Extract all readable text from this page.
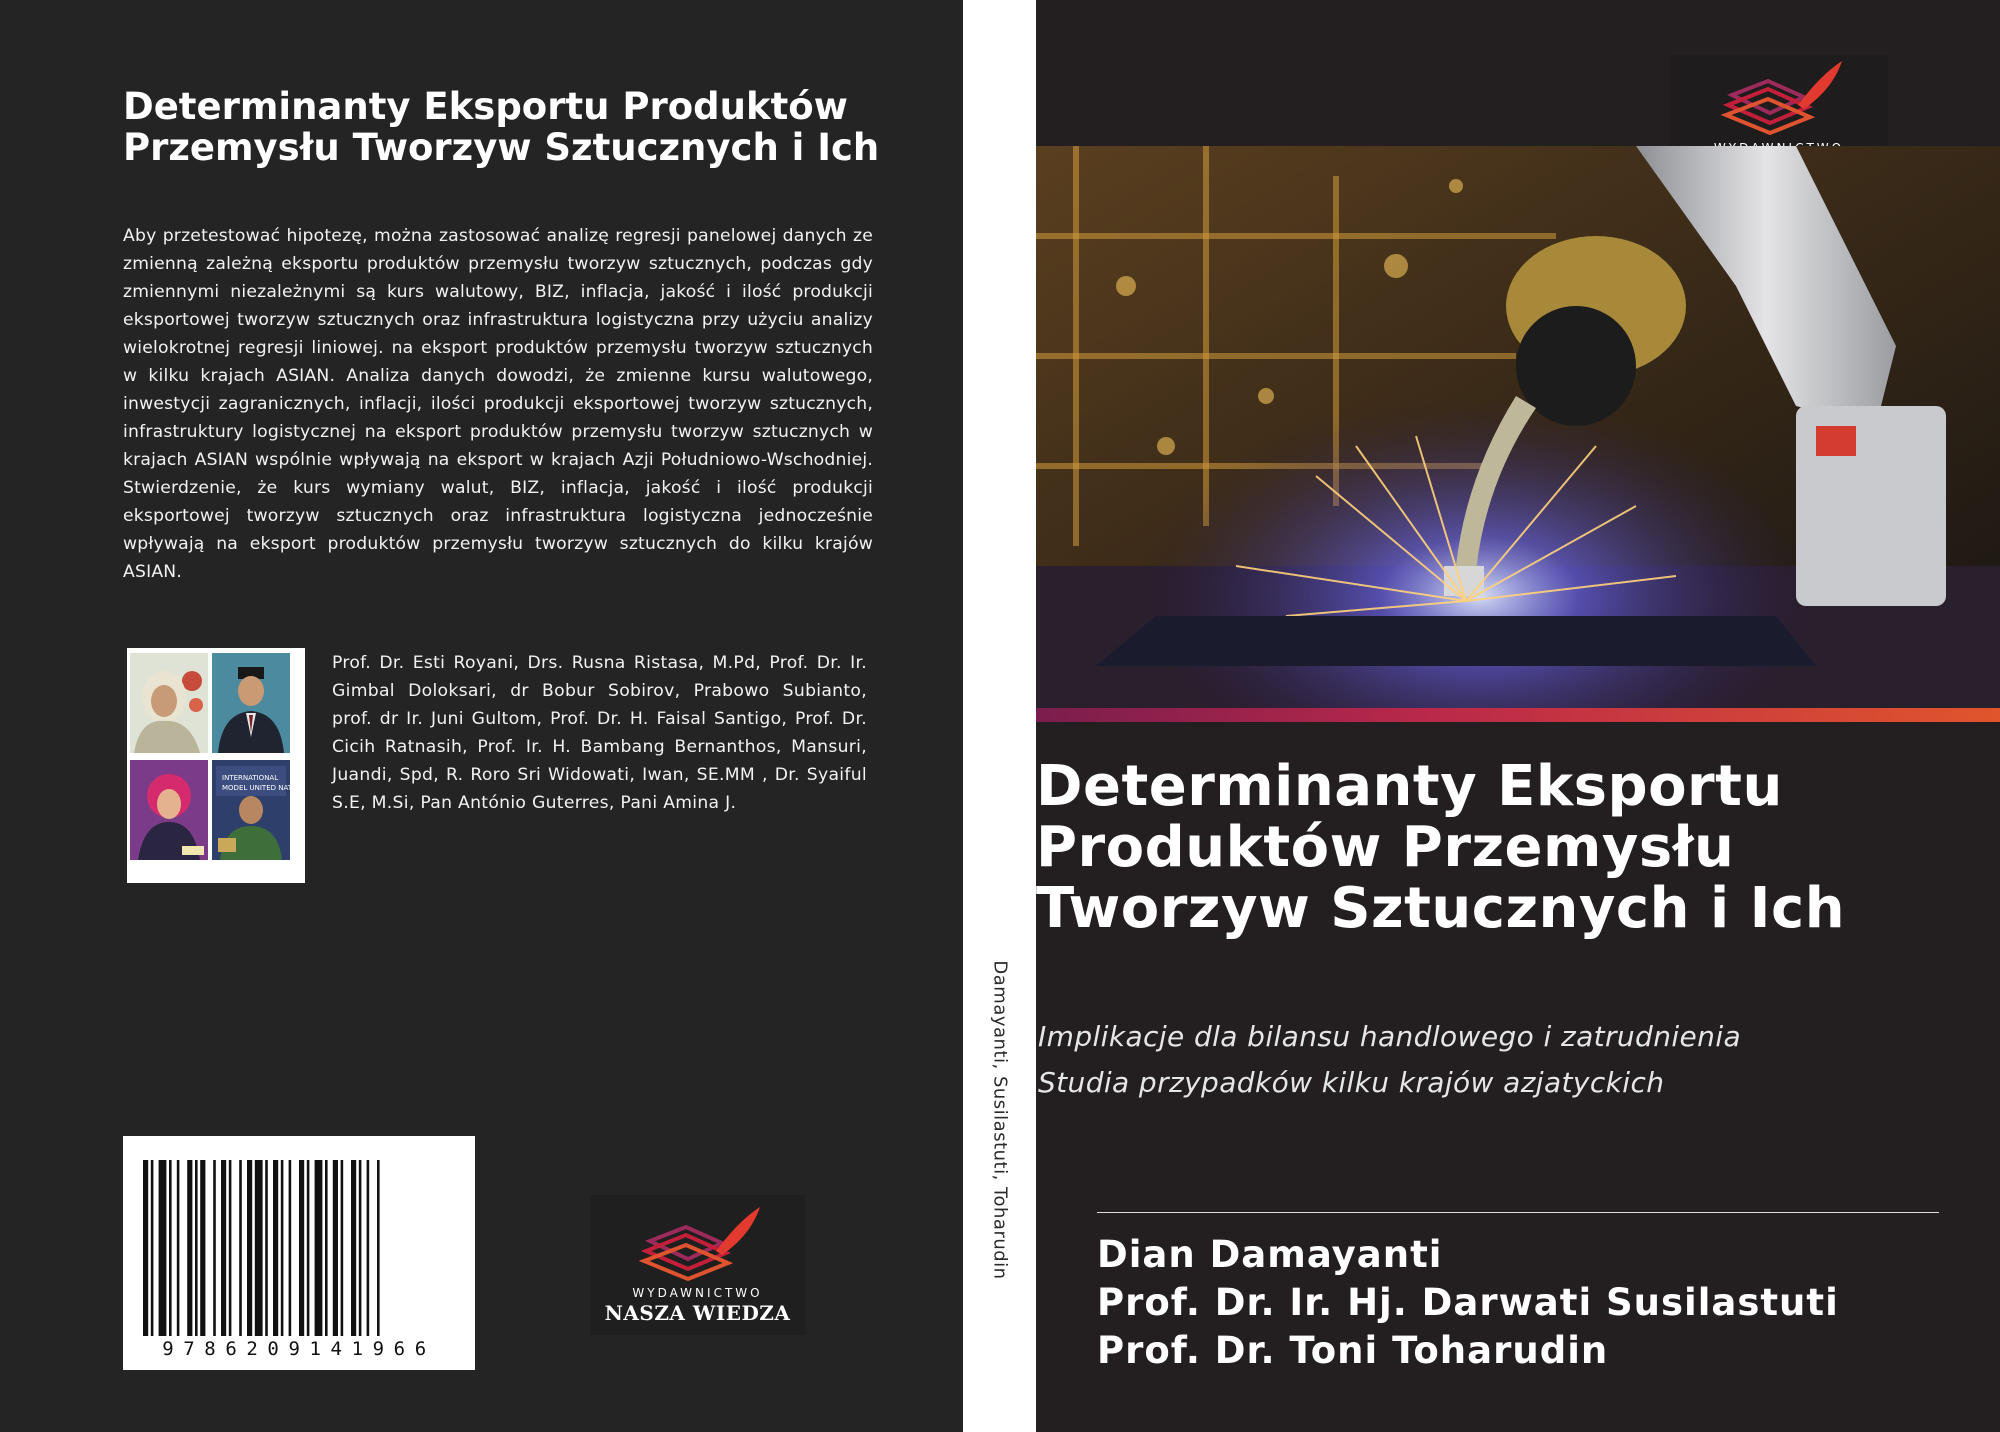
Determinanty Eksportu Produktów Przemysłu Tworzyw Sztucznych i Ich

Aby przetestować hipotezę, można zastosować analizę regresji panelowej danych ze zmienną zależną eksportu produktów przemysłu tworzyw sztucznych, podczas gdy zmiennymi niezależnymi są kurs walutowy, BIZ, inflacja, jakość i ilość produkcji eksportowej tworzyw sztucznych oraz infrastruktura logistyczna przy użyciu analizy wielokrotnej regresji liniowej. na eksport produktów przemysłu tworzyw sztucznych w kilku krajach ASIAN. Analiza danych dowodzi, że zmienne kursu walutowego, inwestycji zagranicznych, inflacji, ilości produkcji eksportowej tworzyw sztucznych, infrastruktury logistycznej na eksport produktów przemysłu tworzyw sztucznych w krajach ASIAN wspólnie wpływają na eksport w krajach Azji Południowo-Wschodniej. Stwierdzenie, że kurs wymiany walut, BIZ, inflacja, jakość i ilość produkcji eksportowej tworzyw sztucznych oraz infrastruktura logistyczna jednocześnie wpływają na eksport produktów przemysłu tworzyw sztucznych do kilku krajów ASIAN.

INTERNATIONAL
MODEL UNITED NATIO

Prof. Dr. Esti Royani, Drs. Rusna Ristasa, M.Pd, Prof. Dr. Ir. Gimbal Doloksari, dr Bobur Sobirov, Prabowo Subianto, prof. dr Ir. Juni Gultom, Prof. Dr. H. Faisal Santigo, Prof. Dr. Cicih Ratnasih, Prof. Ir. H. Bambang Bernanthos, Mansuri, Juandi, Spd, R. Roro Sri Widowati, Iwan, SE.MM , Dr. Syaiful S.E, M.Si, Pan António Guterres, Pani Amina J.

9786209141966
WYDAWNICTWO
NASZA WIEDZA
Damayanti, Susilastuti, Toharudin
Determinanty Eksportu Produktów Przemysłu Tworzyw Sztucznych i Ich
Implikacje dla bilansu handlowego i zatrudnienia
Studia przypadków kilku krajów azjatyckich
Dian Damayanti
Prof. Dr. Ir. Hj. Darwati Susilastuti
Prof. Dr. Toni Toharudin
